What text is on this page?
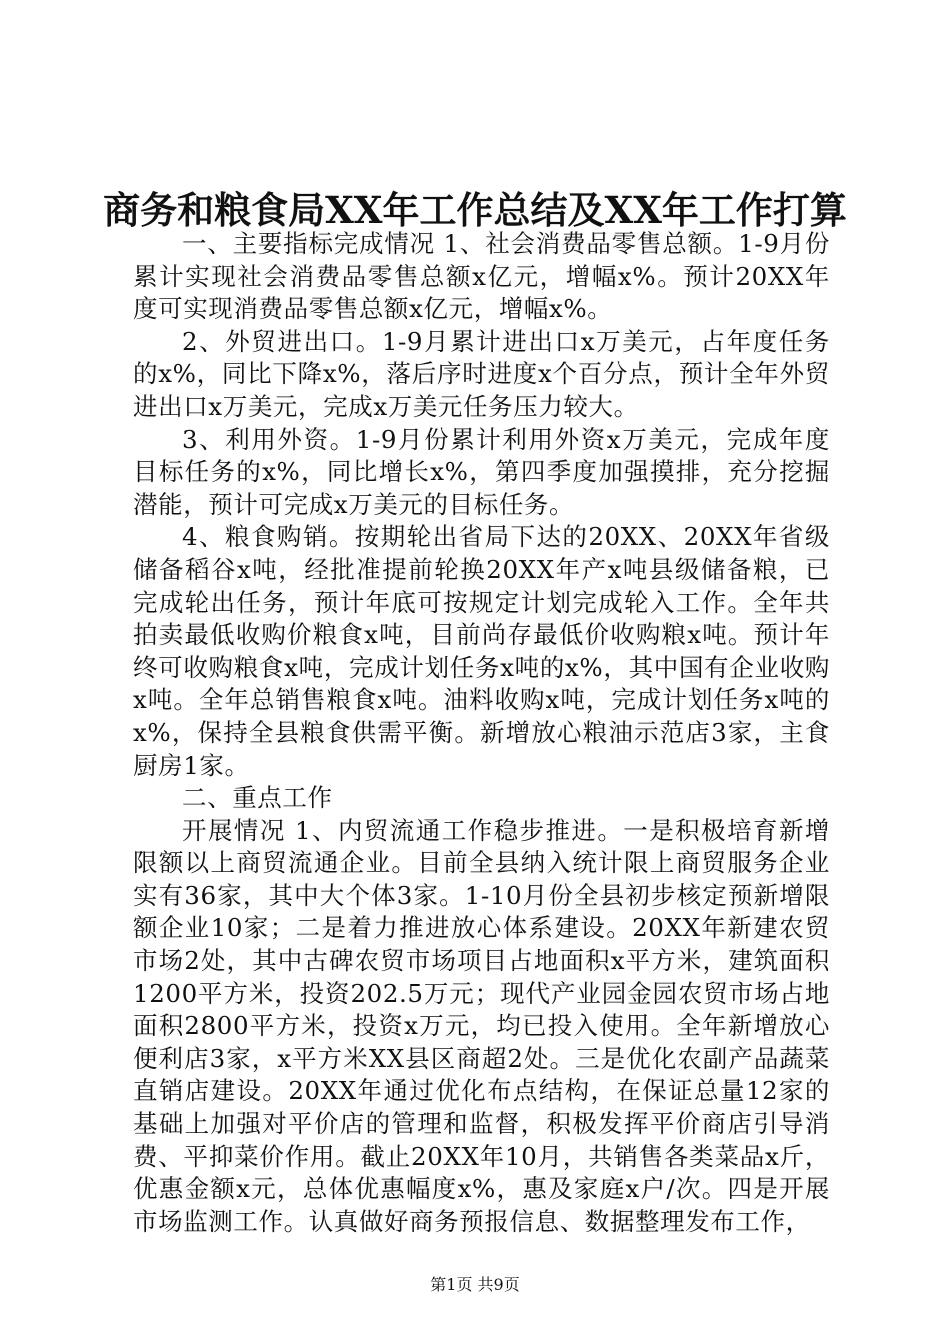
商务和粮食局XX年工作总结及XX年工作打算

一、主要指标完成情况 1、社会消费品零售总额。1-9月份累计实现社会消费品零售总额x亿元，增幅x%。预计20XX年度可实现消费品零售总额x亿元，增幅x%。

2、外贸进出口。1-9月累计进出口x万美元，占年度任务的x%，同比下降x%，落后序时进度x个百分点，预计全年外贸进出口x万美元，完成x万美元任务压力较大。

3、利用外资。1-9月份累计利用外资x万美元，完成年度目标任务的x%，同比增长x%，第四季度加强摸排，充分挖掘潜能，预计可完成x万美元的目标任务。

4、粮食购销。按期轮出省局下达的20XX、20XX年省级储备稻谷x吨，经批准提前轮换20XX年产x吨县级储备粮，已完成轮出任务，预计年底可按规定计划完成轮入工作。全年共拍卖最低收购价粮食x吨，目前尚存最低价收购粮x吨。预计年终可收购粮食x吨，完成计划任务x吨的x%，其中国有企业收购x吨。全年总销售粮食x吨。油料收购x吨，完成计划任务x吨的x%，保持全县粮食供需平衡。新增放心粮油示范店3家，主食厨房1家。

二、重点工作

开展情况 1、内贸流通工作稳步推进。一是积极培育新增限额以上商贸流通企业。目前全县纳入统计限上商贸服务企业实有36家，其中大个体3家。1-10月份全县初步核定预新增限额企业10家；二是着力推进放心体系建设。20XX年新建农贸市场2处，其中古碑农贸市场项目占地面积x平方米，建筑面积1200平方米，投资202.5万元；现代产业园金园农贸市场占地面积2800平方米，投资x万元，均已投入使用。全年新增放心便利店3家，x平方米XX县区商超2处。三是优化农副产品蔬菜直销店建设。20XX年通过优化布点结构，在保证总量12家的基础上加强对平价店的管理和监督，积极发挥平价商店引导消费、平抑菜价作用。截止20XX年10月，共销售各类菜品x斤，优惠金额x元，总体优惠幅度x%，惠及家庭x户/次。四是开展市场监测工作。认真做好商务预报信息、数据整理发布工作，

第1页 共9页
